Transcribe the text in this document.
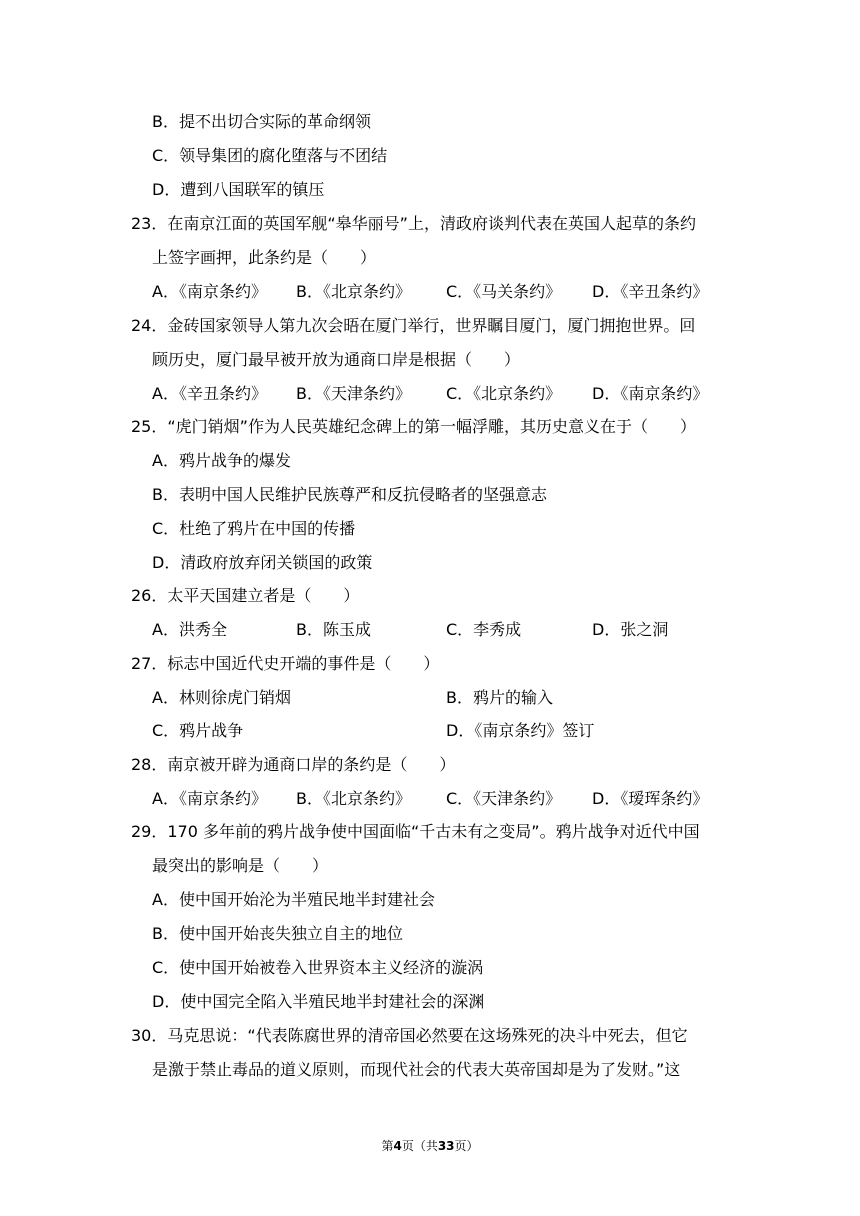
B．提不出切合实际的革命纲领
C．领导集团的腐化堕落与不团结
D．遭到八国联军的镇压
23．在南京江面的英国军舰“皋华丽号”上，清政府谈判代表在英国人起草的条约
上签字画押，此条约是（　　）
A．《南京条约》 B．《北京条约》 C．《马关条约》 D．《辛丑条约》
24．金砖国家领导人第九次会晤在厦门举行，世界瞩目厦门，厦门拥抱世界。回
顾历史，厦门最早被开放为通商口岸是根据（　　）
A．《辛丑条约》 B．《天津条约》 C．《北京条约》 D．《南京条约》
25．“虎门销烟”作为人民英雄纪念碑上的第一幅浮雕，其历史意义在于（　　）
A．鸦片战争的爆发
B．表明中国人民维护民族尊严和反抗侵略者的坚强意志
C．杜绝了鸦片在中国的传播
D．清政府放弃闭关锁国的政策
26．太平天国建立者是（　　）
A．洪秀全	B．陈玉成	C．李秀成	D．张之洞
27．标志中国近代史开端的事件是（　　）
A．林则徐虎门销烟	B．鸦片的输入
C．鸦片战争	D．《南京条约》签订
28．南京被开辟为通商口岸的条约是（　　）
A．《南京条约》 B．《北京条约》 C．《天津条约》 D．《瑷珲条约》
29．170 多年前的鸦片战争使中国面临“千古未有之变局”。鸦片战争对近代中国
最突出的影响是（　　）
A．使中国开始沦为半殖民地半封建社会
B．使中国开始丧失独立自主的地位
C．使中国开始被卷入世界资本主义经济的漩涡
D．使中国完全陷入半殖民地半封建社会的深渊
30．马克思说：“代表陈腐世界的清帝国必然要在这场殊死的决斗中死去，但它
是激于禁止毒品的道义原则，而现代社会的代表大英帝国却是为了发财。”这
第4页（共33页）
